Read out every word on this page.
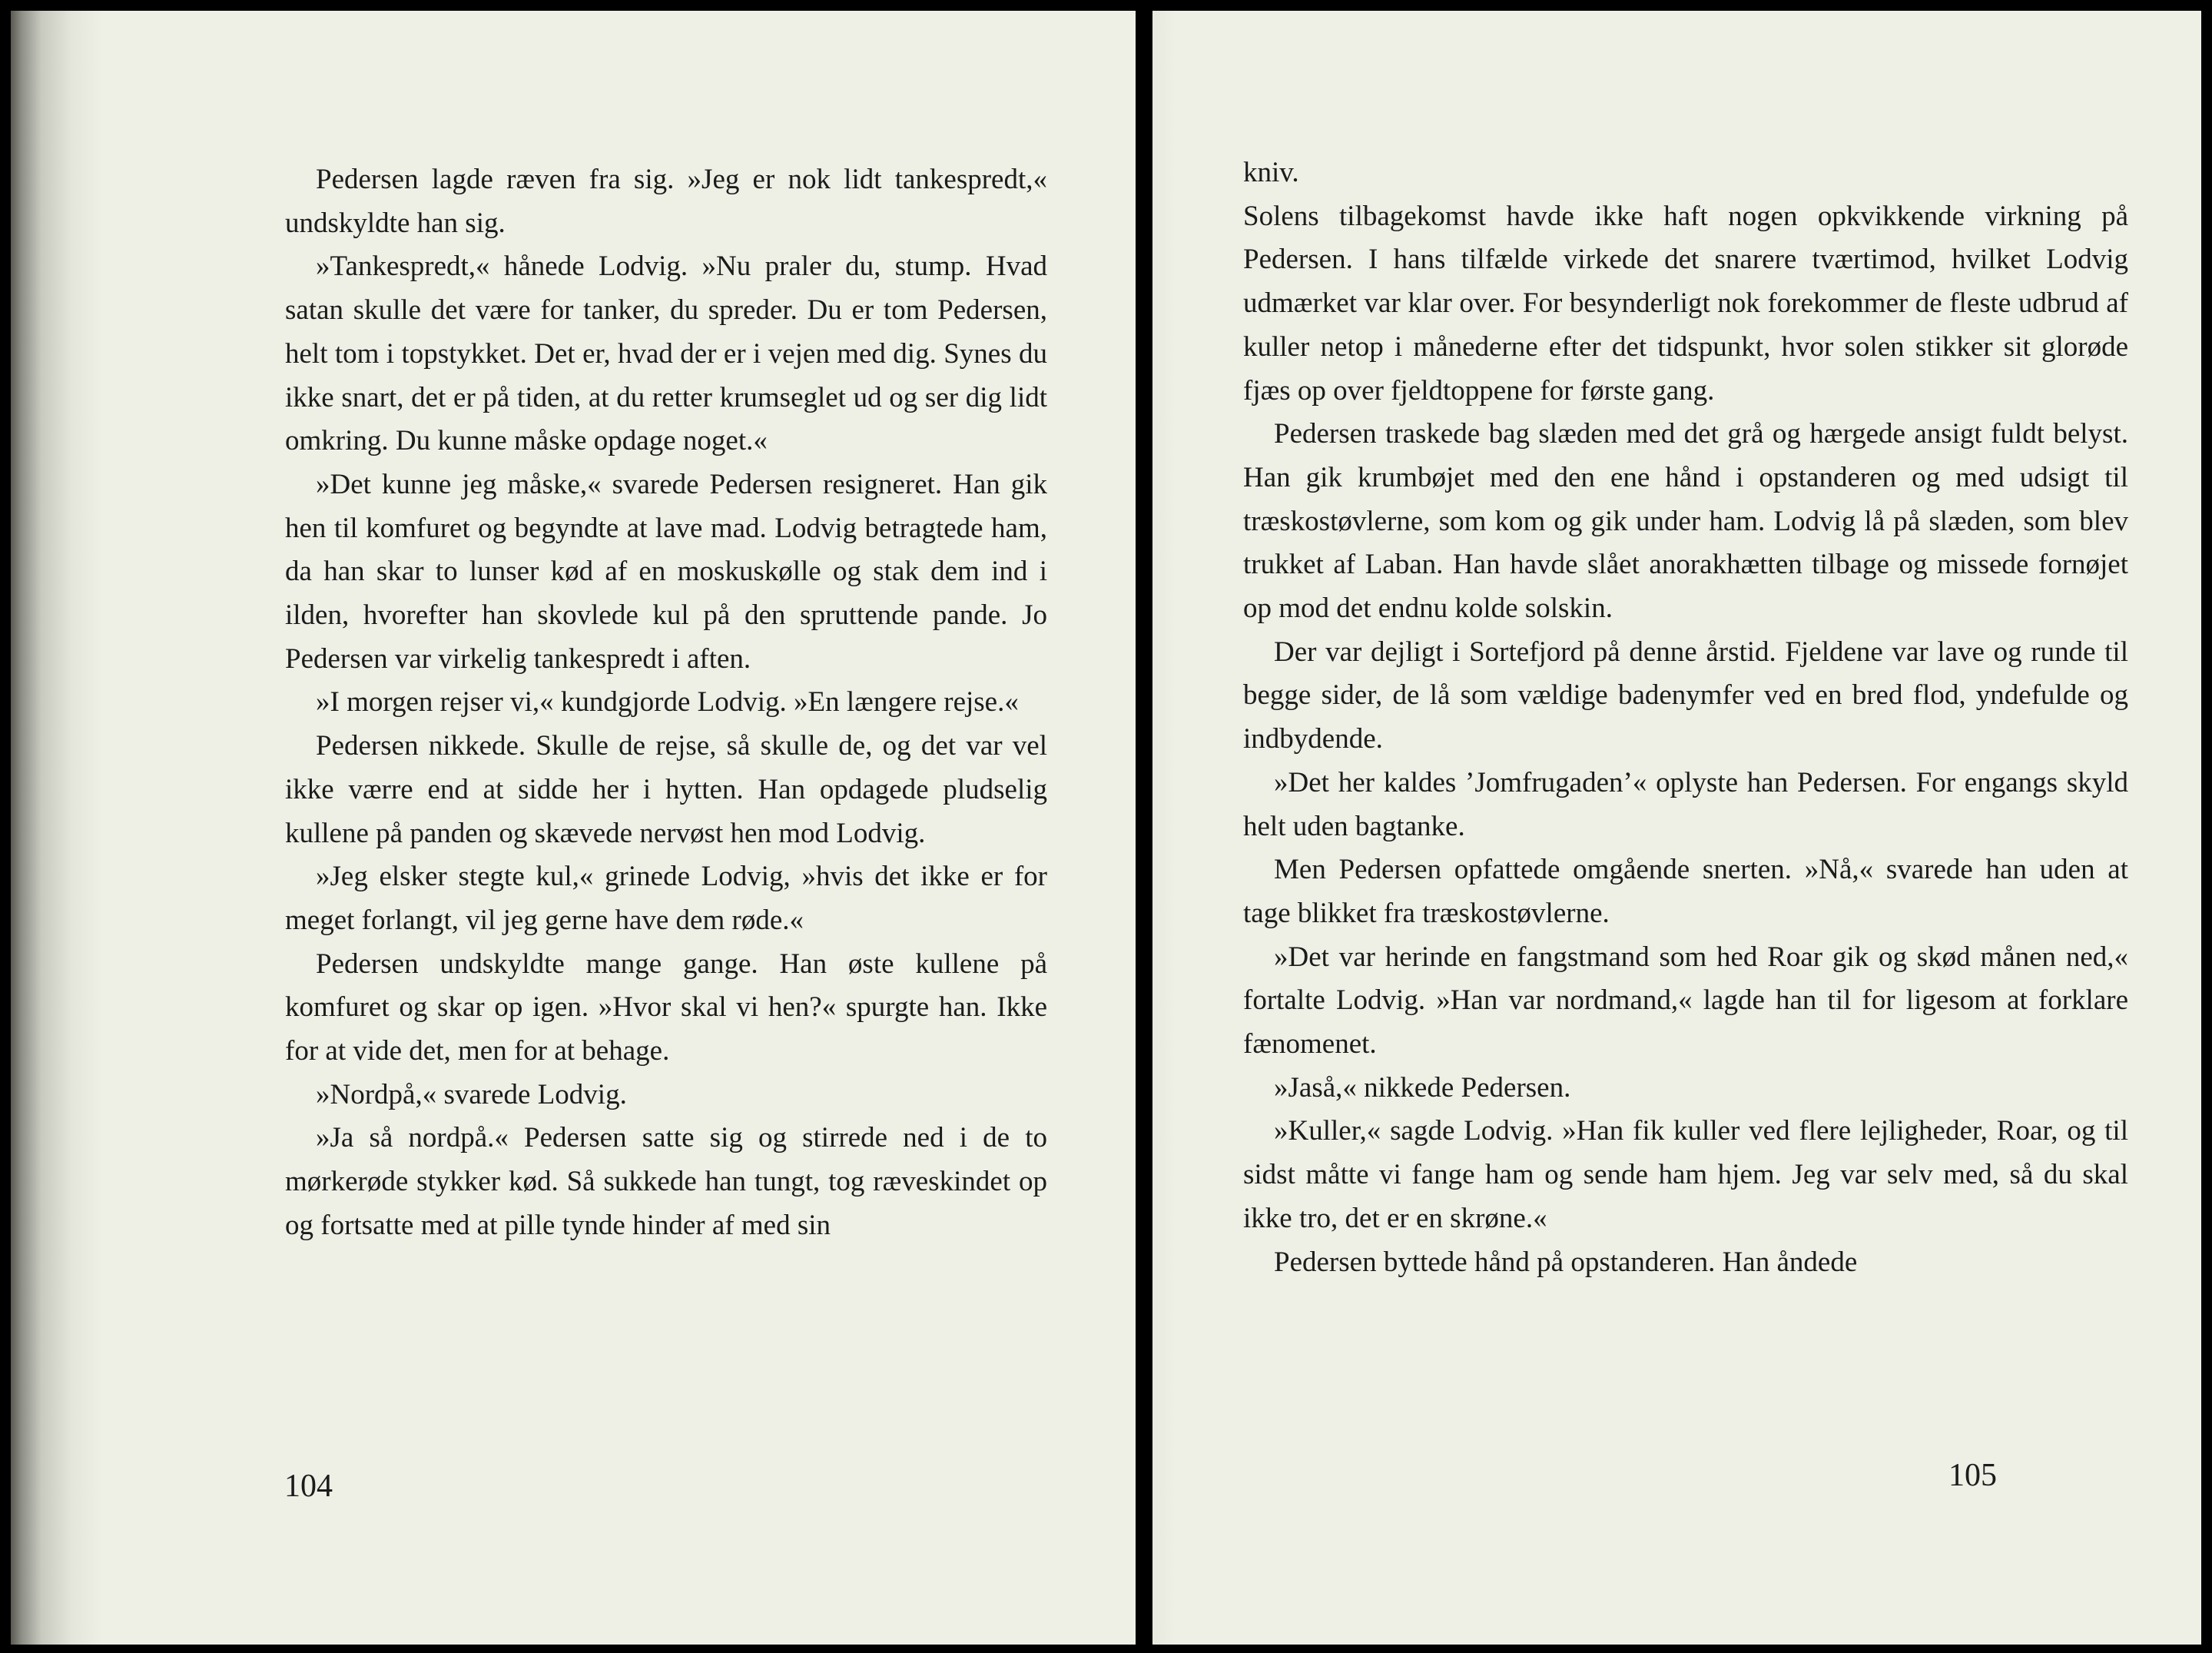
Pedersen lagde ræven fra sig. »Jeg er nok lidt tankespredt,« undskyldte han sig.

»Tankespredt,« hånede Lodvig. »Nu praler du, stump. Hvad satan skulle det være for tanker, du spreder. Du er tom Pedersen, helt tom i topstykket. Det er, hvad der er i vejen med dig. Synes du ikke snart, det er på tiden, at du retter krumseglet ud og ser dig lidt omkring. Du kunne måske opdage noget.«

»Det kunne jeg måske,« svarede Pedersen resigneret. Han gik hen til komfuret og begyndte at lave mad. Lodvig betragtede ham, da han skar to lunser kød af en moskuskølle og stak dem ind i ilden, hvorefter han skovlede kul på den spruttende pande. Jo Pedersen var virkelig tankespredt i aften.

»I morgen rejser vi,« kundgjorde Lodvig. »En længere rejse.«

Pedersen nikkede. Skulle de rejse, så skulle de, og det var vel ikke værre end at sidde her i hytten. Han opdagede pludselig kullene på panden og skævede nervøst hen mod Lodvig.

»Jeg elsker stegte kul,« grinede Lodvig, »hvis det ikke er for meget forlangt, vil jeg gerne have dem røde.«

Pedersen undskyldte mange gange. Han øste kullene på komfuret og skar op igen. »Hvor skal vi hen?« spurgte han. Ikke for at vide det, men for at behage.

»Nordpå,« svarede Lodvig.

»Ja så nordpå.« Pedersen satte sig og stirrede ned i de to mørkerøde stykker kød. Så sukkede han tungt, tog ræveskindet op og fortsatte med at pille tynde hinder af med sin

104

kniv.

Solens tilbagekomst havde ikke haft nogen opkvikkende virkning på Pedersen. I hans tilfælde virkede det snarere tværtimod, hvilket Lodvig udmærket var klar over. For besynderligt nok forekommer de fleste udbrud af kuller netop i månederne efter det tidspunkt, hvor solen stikker sit glorøde fjæs op over fjeldtoppene for første gang.

Pedersen traskede bag slæden med det grå og hærgede ansigt fuldt belyst. Han gik krumbøjet med den ene hånd i opstanderen og med udsigt til træskostøvlerne, som kom og gik under ham. Lodvig lå på slæden, som blev trukket af Laban. Han havde slået anorakhætten tilbage og missede fornøjet op mod det endnu kolde solskin.

Der var dejligt i Sortefjord på denne årstid. Fjeldene var lave og runde til begge sider, de lå som vældige badenymfer ved en bred flod, yndefulde og indbydende.

»Det her kaldes ’Jomfrugaden’« oplyste han Pedersen. For engangs skyld helt uden bagtanke.

Men Pedersen opfattede omgående snerten. »Nå,« svarede han uden at tage blikket fra træskostøvlerne.

»Det var herinde en fangstmand som hed Roar gik og skød månen ned,« fortalte Lodvig. »Han var nordmand,« lagde han til for ligesom at forklare fænomenet.

»Jaså,« nikkede Pedersen.

»Kuller,« sagde Lodvig. »Han fik kuller ved flere lejligheder, Roar, og til sidst måtte vi fange ham og sende ham hjem. Jeg var selv med, så du skal ikke tro, det er en skrøne.«

Pedersen byttede hånd på opstanderen. Han åndede

105
